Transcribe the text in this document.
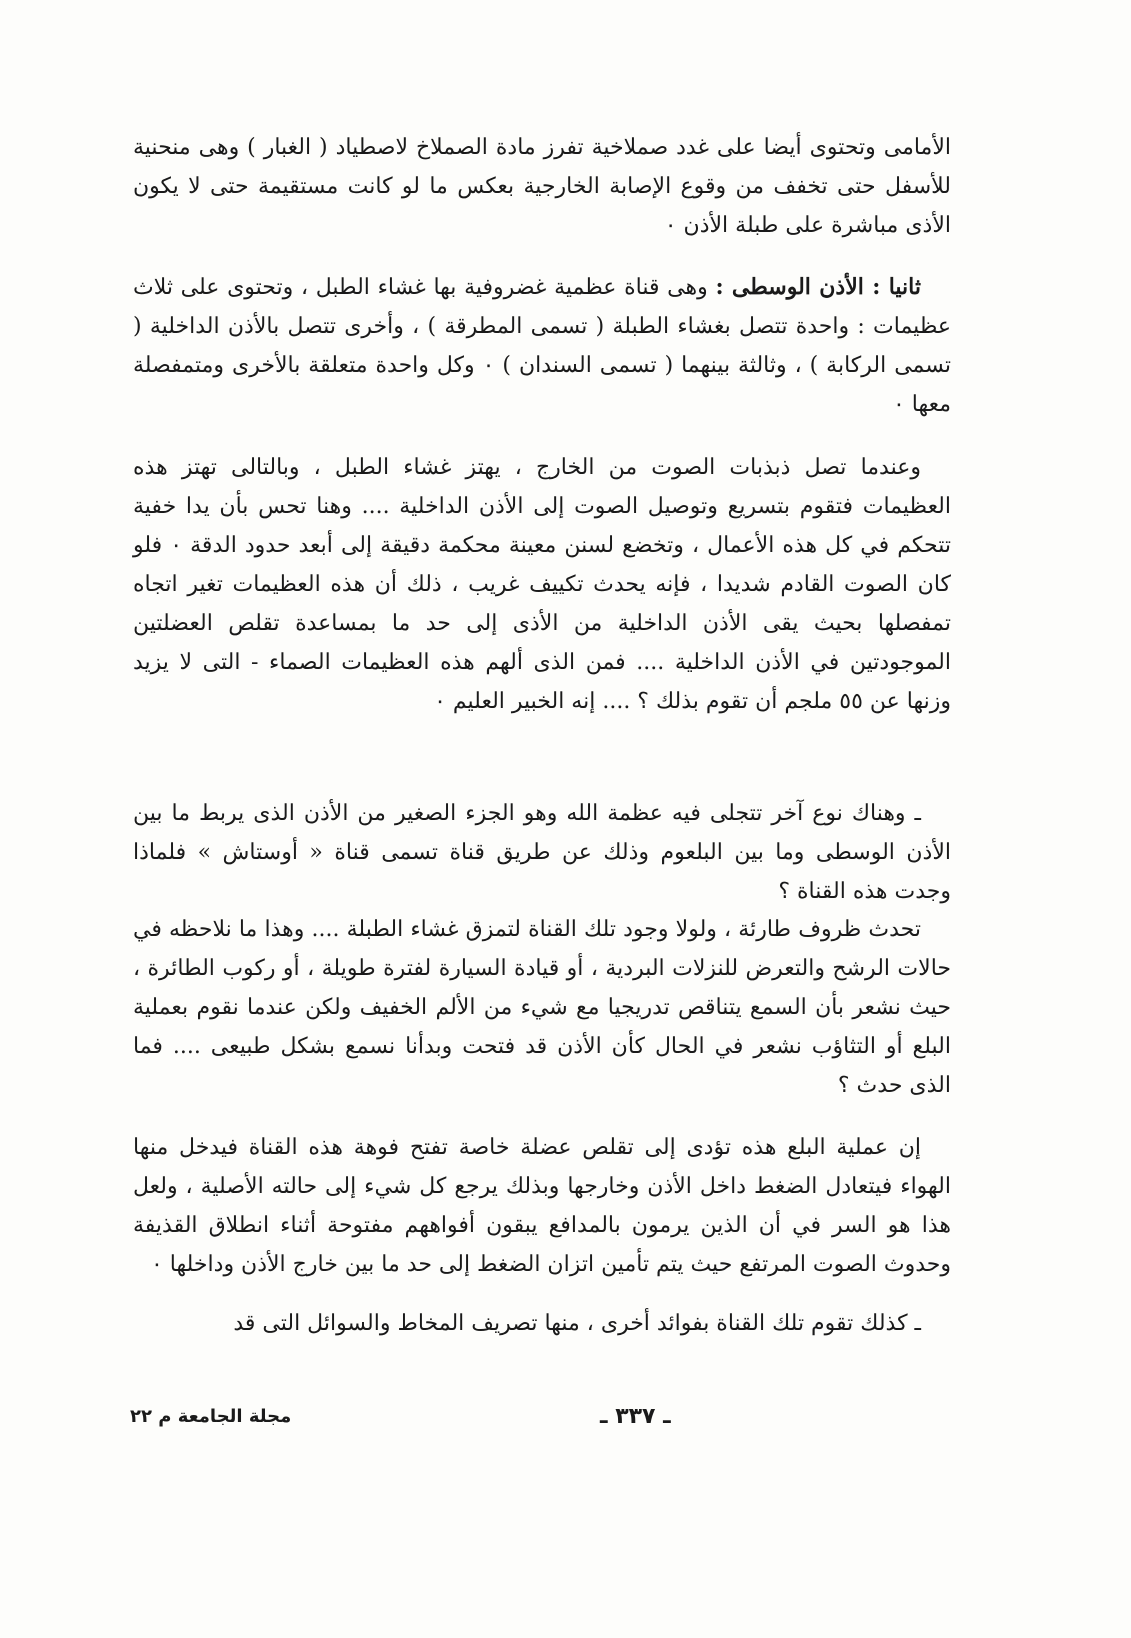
الأمامى وتحتوى أيضا على غدد صملاخية تفرز مادة الصملاخ لاصطياد ( الغبار ) وهى منحنية للأسفل حتى تخفف من وقوع الإصابة الخارجية بعكس ما لو كانت مستقيمة حتى لا يكون الأذى مباشرة على طبلة الأذن ٠

ثانيا : الأذن الوسطى : وهى قناة عظمية غضروفية بها غشاء الطبل ، وتحتوى على ثلاث عظيمات : واحدة تتصل بغشاء الطبلة ( تسمى المطرقة ) ، وأخرى تتصل بالأذن الداخلية ( تسمى الركابة ) ، وثالثة بينهما ( تسمى السندان ) ٠ وكل واحدة متعلقة بالأخرى ومتمفصلة معها ٠

وعندما تصل ذبذبات الصوت من الخارج ، يهتز غشاء الطبل ، وبالتالى تهتز هذه العظيمات فتقوم بتسريع وتوصيل الصوت إلى الأذن الداخلية .... وهنا تحس بأن يدا خفية تتحكم في كل هذه الأعمال ، وتخضع لسنن معينة محكمة دقيقة إلى أبعد حدود الدقة ٠ فلو كان الصوت القادم شديدا ، فإنه يحدث تكييف غريب ، ذلك أن هذه العظيمات تغير اتجاه تمفصلها بحيث يقى الأذن الداخلية من الأذى إلى حد ما بمساعدة تقلص العضلتين الموجودتين في الأذن الداخلية .... فمن الذى ألهم هذه العظيمات الصماء - التى لا يزيد وزنها عن ٥٥ ملجم أن تقوم بذلك ؟ .... إنه الخبير العليم ٠

ـ وهناك نوع آخر تتجلى فيه عظمة الله وهو الجزء الصغير من الأذن الذى يربط ما بين الأذن الوسطى وما بين البلعوم وذلك عن طريق قناة تسمى قناة « أوستاش » فلماذا وجدت هذه القناة ؟

تحدث ظروف طارئة ، ولولا وجود تلك القناة لتمزق غشاء الطبلة .... وهذا ما نلاحظه في حالات الرشح والتعرض للنزلات البردية ، أو قيادة السيارة لفترة طويلة ، أو ركوب الطائرة ، حيث نشعر بأن السمع يتناقص تدريجيا مع شيء من الألم الخفيف ولكن عندما نقوم بعملية البلع أو التثاؤب نشعر في الحال كأن الأذن قد فتحت وبدأنا نسمع بشكل طبيعى .... فما الذى حدث ؟

إن عملية البلع هذه تؤدى إلى تقلص عضلة خاصة تفتح فوهة هذه القناة فيدخل منها الهواء فيتعادل الضغط داخل الأذن وخارجها وبذلك يرجع كل شيء إلى حالته الأصلية ، ولعل هذا هو السر في أن الذين يرمون بالمدافع يبقون أفواههم مفتوحة أثناء انطلاق القذيفة وحدوث الصوت المرتفع حيث يتم تأمين اتزان الضغط إلى حد ما بين خارج الأذن وداخلها ٠

ـ كذلك تقوم تلك القناة بفوائد أخرى ، منها تصريف المخاط والسوائل التى قد

ـ ٣٣٧ ـ
مجلة الجامعة م ٢٢
